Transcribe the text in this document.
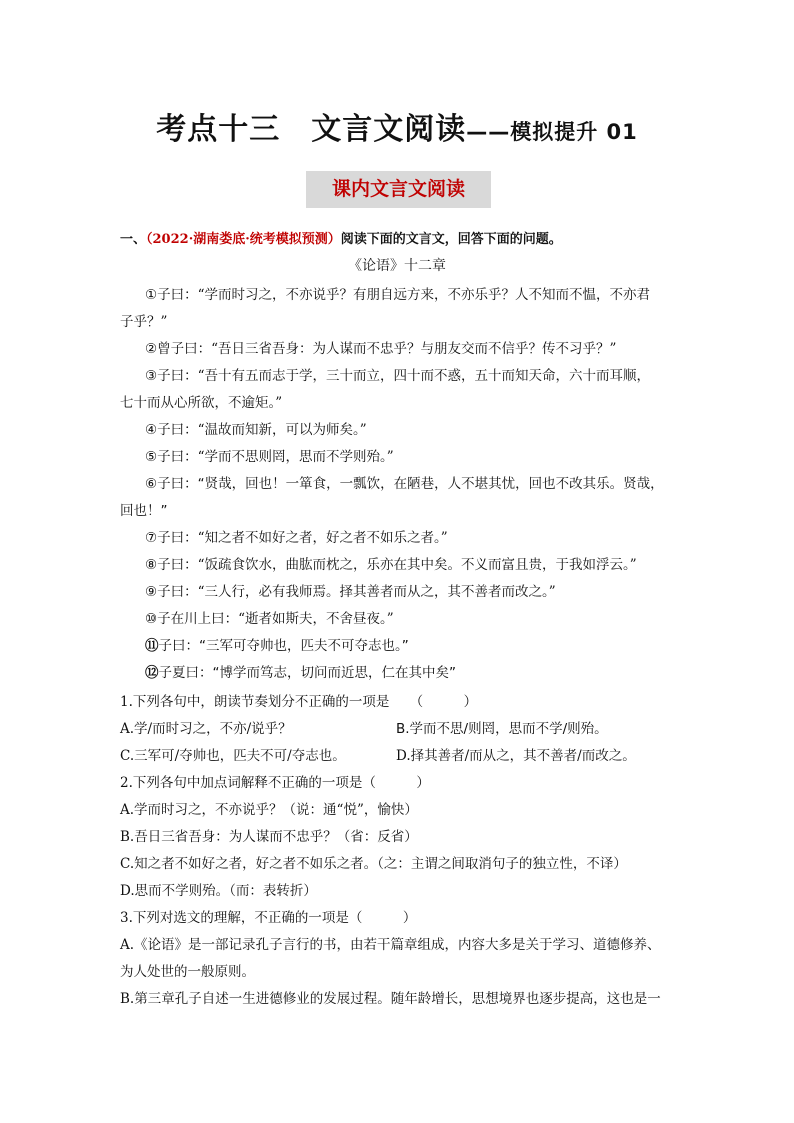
考点十三　文言文阅读——模拟提升 01
课内文言文阅读
一、（2022·湖南娄底·统考模拟预测）阅读下面的文言文，回答下面的问题。
《论语》十二章
①子曰：“学而时习之，不亦说乎？有朋自远方来，不亦乐乎？人不知而不愠，不亦君
子乎？”
②曾子曰：“吾日三省吾身：为人谋而不忠乎？与朋友交而不信乎？传不习乎？”
③子曰：“吾十有五而志于学，三十而立，四十而不惑，五十而知天命，六十而耳顺，
七十而从心所欲，不逾矩。”
④子曰：“温故而知新，可以为师矣。”
⑤子曰：“学而不思则罔，思而不学则殆。”
⑥子曰：“贤哉，回也！一箪食，一瓢饮，在陋巷，人不堪其忧，回也不改其乐。贤哉，
回也！”
⑦子曰：“知之者不如好之者，好之者不如乐之者。”
⑧子曰：“饭疏食饮水，曲肱而枕之，乐亦在其中矣。不义而富且贵，于我如浮云。”
⑨子曰：“三人行，必有我师焉。择其善者而从之，其不善者而改之。”
⑩子在川上曰：“逝者如斯夫，不舍昼夜。”
⑪子曰：“三军可夺帅也，匹夫不可夺志也。”
⑫子夏曰：“博学而笃志，切问而近思，仁在其中矣”
1.下列各句中，朗读节奏划分不正确的一项是　　（　　　）
A.学/而时习之，不亦/说乎？	B.学而不思/则罔，思而不学/则殆。
C.三军可/夺帅也，匹夫不可/夺志也。	D.择其善者/而从之，其不善者/而改之。
2.下列各句中加点词解释不正确的一项是（　　　）
A.学而时习之，不亦说乎？（说：通“悦”，愉快）
B.吾日三省吾身：为人谋而不忠乎？（省：反省）
C.知之者不如好之者，好之者不如乐之者。（之：主谓之间取消句子的独立性，不译）
D.思而不学则殆。（而：表转折）
3.下列对选文的理解，不正确的一项是（　　　）
A.《论语》是一部记录孔子言行的书，由若干篇章组成，内容大多是关于学习、道德修养、
为人处世的一般原则。
B.第三章孔子自述一生进德修业的发展过程。随年龄增长，思想境界也逐步提高，这也是一
